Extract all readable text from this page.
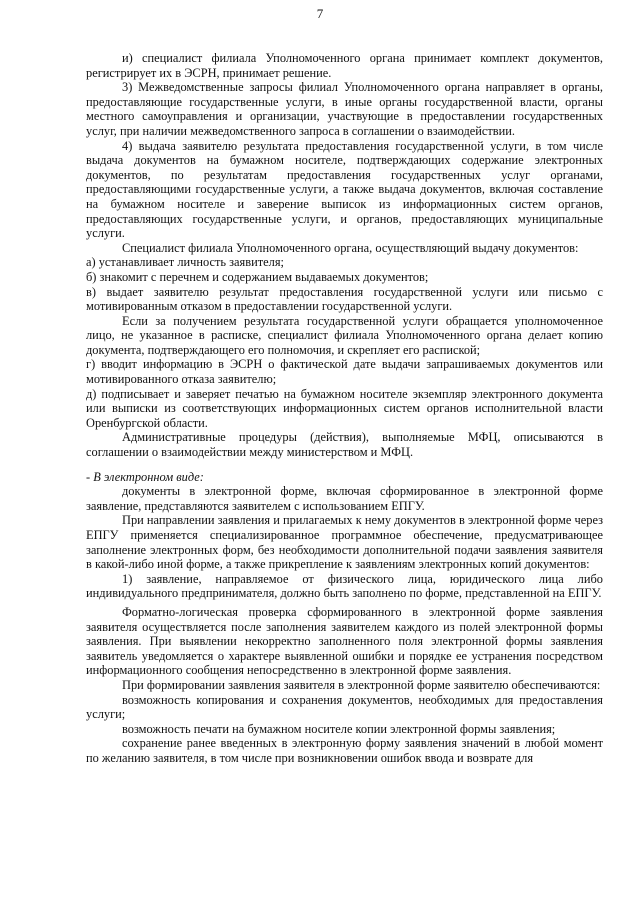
7

и) специалист филиала Уполномоченного органа принимает комплект документов, регистрирует их в ЭСРН, принимает решение.

3) Межведомственные запросы филиал Уполномоченного органа направляет в органы, предоставляющие государственные услуги, в иные органы государственной власти, органы местного самоуправления и организации, участвующие в предоставлении государственных услуг, при наличии межведомственного запроса в соглашении о взаимодействии.

4) выдача заявителю результата предоставления государственной услуги, в том числе выдача документов на бумажном носителе, подтверждающих содержание электронных документов, по результатам предоставления государственных услуг органами, предоставляющими государственные услуги, а также выдача документов, включая составление на бумажном носителе и заверение выписок из информационных систем органов, предоставляющих государственные услуги, и органов, предоставляющих муниципальные услуги.

Специалист филиала Уполномоченного органа, осуществляющий выдачу документов:

а) устанавливает личность заявителя;

б) знакомит с перечнем и содержанием выдаваемых документов;

в) выдает заявителю результат предоставления государственной услуги или письмо с мотивированным отказом в предоставлении государственной услуги.

Если за получением результата государственной услуги обращается уполномоченное лицо, не указанное в расписке, специалист филиала Уполномоченного органа делает копию документа, подтверждающего его полномочия, и скрепляет его распиской;

г) вводит информацию в ЭСРН о фактической дате выдачи запрашиваемых документов или мотивированного отказа заявителю;

д) подписывает и заверяет печатью на бумажном носителе экземпляр электронного документа или выписки из соответствующих информационных систем органов исполнительной власти Оренбургской области.

Административные процедуры (действия), выполняемые МФЦ, описываются в соглашении о взаимодействии между министерством и МФЦ.

- В электронном виде:

документы в электронной форме, включая сформированное в электронной форме заявление, представляются заявителем с использованием ЕПГУ.

При направлении заявления и прилагаемых к нему документов в электронной форме через ЕПГУ применяется специализированное программное обеспечение, предусматривающее заполнение электронных форм, без необходимости дополнительной подачи заявления заявителя в какой-либо иной форме, а также прикрепление к заявлениям электронных копий документов:

1) заявление, направляемое от физического лица, юридического лица либо индивидуального предпринимателя, должно быть заполнено по форме, представленной на ЕПГУ.

Форматно-логическая проверка сформированного в электронной форме заявления заявителя осуществляется после заполнения заявителем каждого из полей электронной формы заявления. При выявлении некорректно заполненного поля электронной формы заявления заявитель уведомляется о характере выявленной ошибки и порядке ее устранения посредством информационного сообщения непосредственно в электронной форме заявления.

При формировании заявления заявителя в электронной форме заявителю обеспечиваются:

возможность копирования и сохранения документов, необходимых для предоставления услуги;

возможность печати на бумажном носителе копии электронной формы заявления;

сохранение ранее введенных в электронную форму заявления значений в любой момент по желанию заявителя, в том числе при возникновении ошибок ввода и возврате для
